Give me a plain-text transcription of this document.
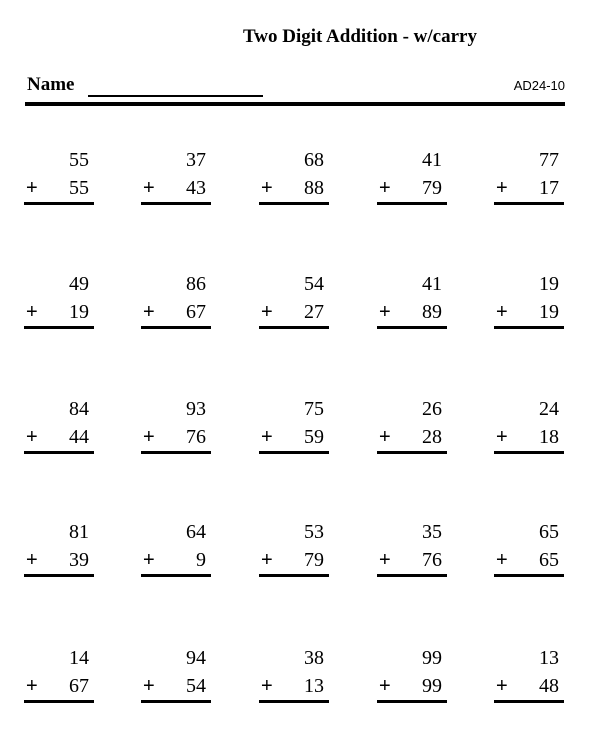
Two Digit Addition - w/carry
Name	AD24-10
55
+ 55
37
+ 43
68
+ 88
41
+ 79
77
+ 17
49
+ 19
86
+ 67
54
+ 27
41
+ 89
19
+ 19
84
+ 44
93
+ 76
75
+ 59
26
+ 28
24
+ 18
81
+ 39
64
+ 9
53
+ 79
35
+ 76
65
+ 65
14
+ 67
94
+ 54
38
+ 13
99
+ 99
13
+ 48
